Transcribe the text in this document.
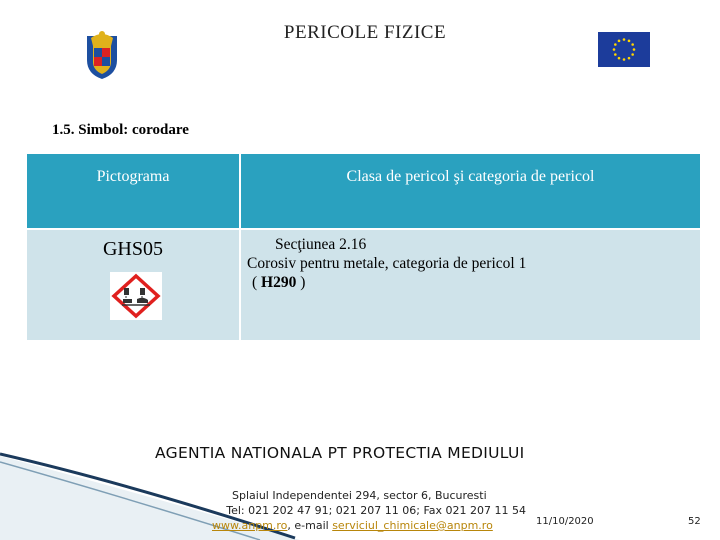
PERICOLE FIZICE
1.5. Simbol: corodare
Pictograma	Clasa de pericol şi categoria de pericol
GHS05	Secţiunea 2.16
Corosiv pentru metale, categoria de pericol 1
( H290 )
AGENTIA NATIONALA PT PROTECTIA MEDIULUI
Splaiul Independentei 294, sector 6, Bucuresti
Tel: 021 202 47 91; 021 207 11 06; Fax 021 207 11 54
www.anpm.ro, e-mail serviciul_chimicale@anpm.ro	11/10/2020	52
